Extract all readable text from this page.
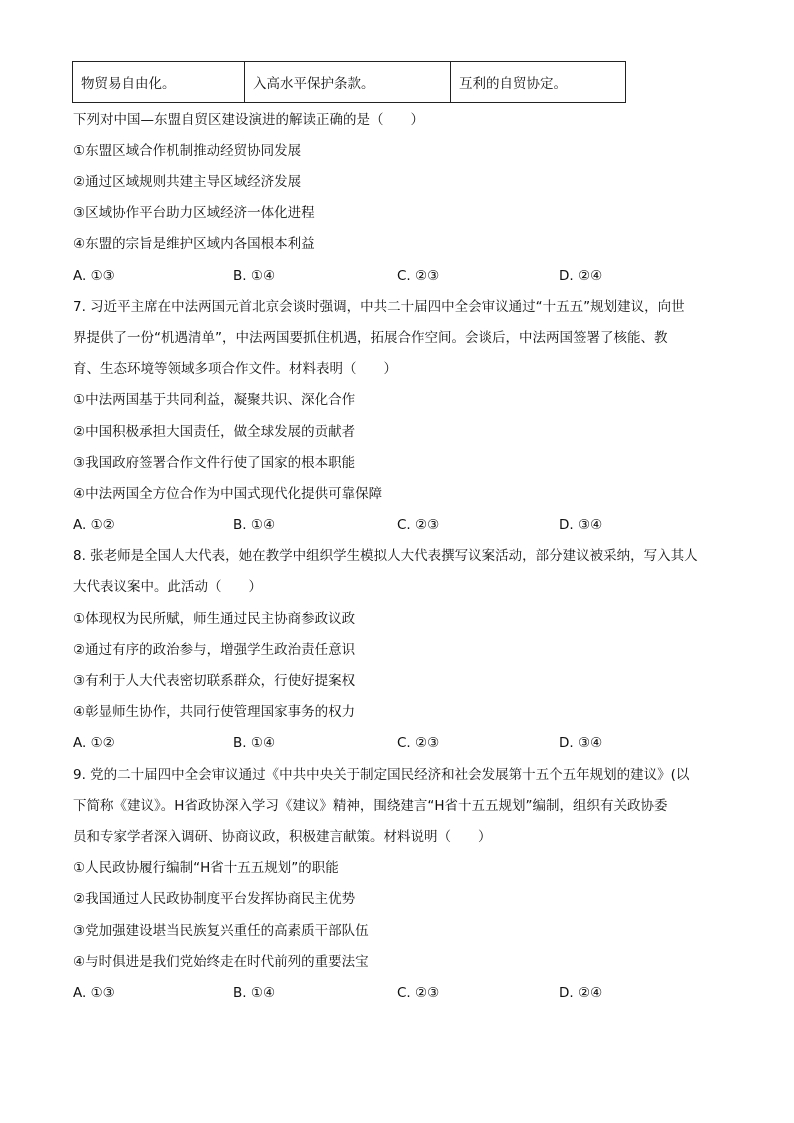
物贸易自由化。	入高水平保护条款。	互利的自贸协定。
下列对中国—东盟自贸区建设演进的解读正确的是（　　）
①东盟区域合作机制推动经贸协同发展
②通过区域规则共建主导区域经济发展
③区域协作平台助力区域经济一体化进程
④东盟的宗旨是维护区域内各国根本利益
A. ①③	B. ①④	C. ②③	D. ②④
7. 习近平主席在中法两国元首北京会谈时强调，中共二十届四中全会审议通过“十五五”规划建议，向世
界提供了一份“机遇清单”，中法两国要抓住机遇，拓展合作空间。会谈后，中法两国签署了核能、教
育、生态环境等领域多项合作文件。材料表明（　　）
①中法两国基于共同利益，凝聚共识、深化合作
②中国积极承担大国责任，做全球发展的贡献者
③我国政府签署合作文件行使了国家的根本职能
④中法两国全方位合作为中国式现代化提供可靠保障
A. ①②	B. ①④	C. ②③	D. ③④
8. 张老师是全国人大代表，她在教学中组织学生模拟人大代表撰写议案活动，部分建议被采纳，写入其人
大代表议案中。此活动（　　）
①体现权为民所赋，师生通过民主协商参政议政
②通过有序的政治参与，增强学生政治责任意识
③有利于人大代表密切联系群众，行使好提案权
④彰显师生协作，共同行使管理国家事务的权力
A. ①②	B. ①④	C. ②③	D. ③④
9. 党的二十届四中全会审议通过《中共中央关于制定国民经济和社会发展第十五个五年规划的建议》(以
下简称《建议》。H省政协深入学习《建议》精神，围绕建言“H省十五五规划”编制，组织有关政协委
员和专家学者深入调研、协商议政，积极建言献策。材料说明（　　）
①人民政协履行编制“H省十五五规划”的职能
②我国通过人民政协制度平台发挥协商民主优势
③党加强建设堪当民族复兴重任的高素质干部队伍
④与时俱进是我们党始终走在时代前列的重要法宝
A. ①③	B. ①④	C. ②③	D. ②④
